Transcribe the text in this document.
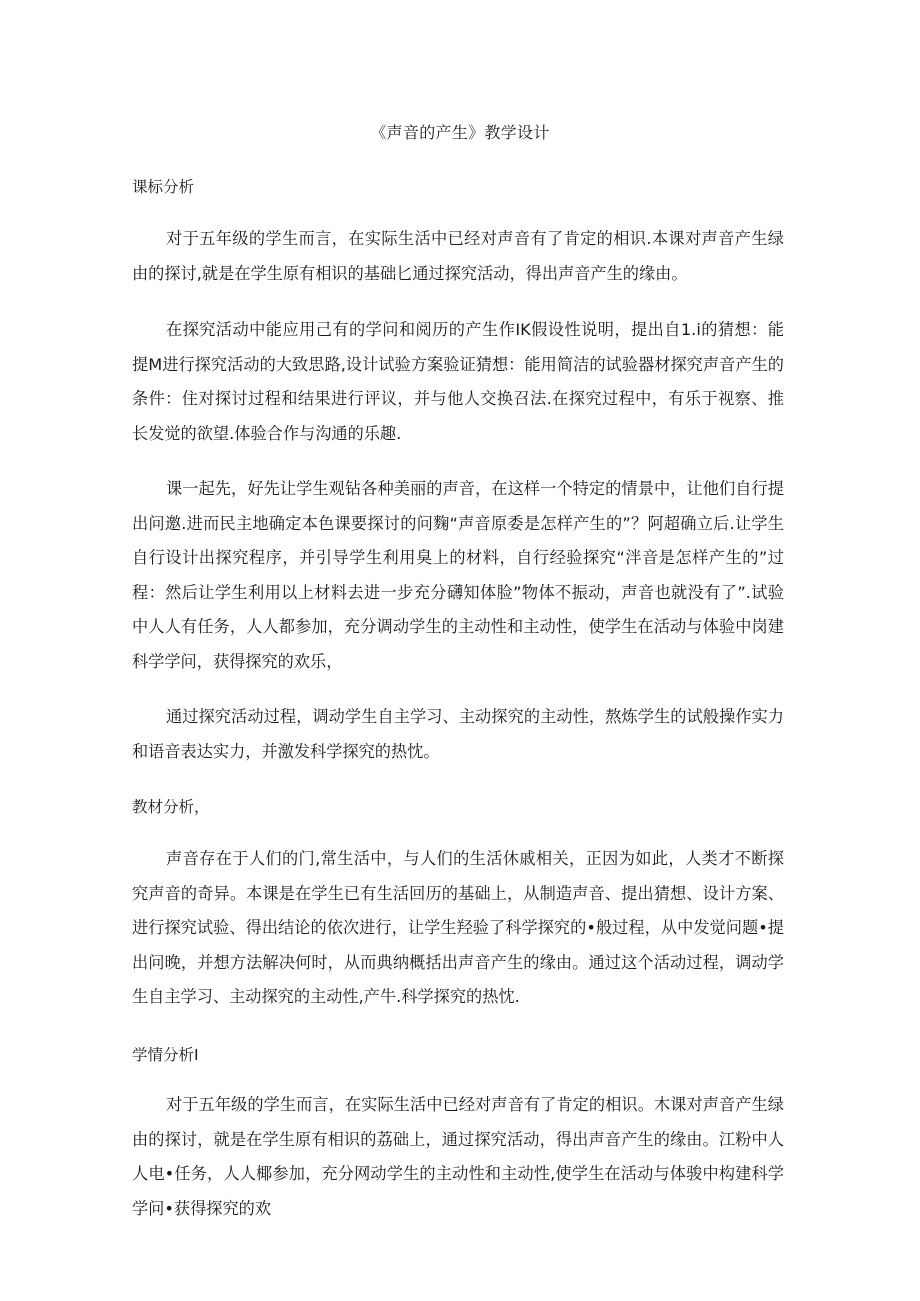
《声音的产生》教学设计
课标分析

对于五年级的学生而言，在实际生活中已经对声音有了肯定的相识.本课对声音产生绿由的探讨,就是在学生原有相识的基础匕通过探究活动，得出声音产生的缘由。

在探究活动中能应用己有的学问和阅历的产生作IK假设性说明，提出自1.i的猜想：能提M进行探究活动的大致思路,设计试验方案验证猜想：能用简洁的试验器材探究声音产生的条件：住对探讨过程和结果进行评议，并与他人交换召法.在探究过程中，有乐于视察、推长发觉的欲望.体验合作与沟通的乐趣.

课一起先，好先让学生观钻各种美丽的声音，在这样一个特定的情景中，让他们自行提出问邀.进而民主地确定本色课要探讨的问麴“声音原委是怎样产生的”？阿超确立后.让学生自行设计出探究程序，并引导学生利用臭上的材料，自行经验探究“泮音是怎样产生的”过程：然后让学生利用以上材料去进一步充分礴知体脸”物体不振动，声音也就没有了”.试验中人人有任务，人人都参加，充分调动学生的主动性和主动性，使学生在活动与体验中岗建科学学问，获得探究的欢乐，

通过探究活动过程，调动学生自主学习、主动探究的主动性，熬炼学生的试般操作实力和语音表达实力，并激发科学探究的热忱。

教材分析，

声音存在于人们的门,常生活中，与人们的生活休戚相关，正因为如此，人类才不断探究声音的奇异。本课是在学生已有生活回历的基础上，从制造声音、提出猜想、设计方案、进行探究试验、得出结论的依次进行，让学生羟验了科学探究的•般过程，从中发觉问题•提出问晚，并想方法解决何时，从而典纳概括出声音产生的缘由。通过这个活动过程，调动学生自主学习、主动探究的主动性,产牛.科学探究的热忱.

学情分析I

对于五年级的学生而言，在实际生活中已经对声音有了肯定的相识。木课对声音产生绿由的探讨，就是在学生原有相识的荔础上，通过探究活动，得出声音产生的缘由。江粉中人人电•任务，人人椰参加，充分网动学生的主动性和主动性,使学生在活动与体骏中构建科学学问•获得探究的欢
